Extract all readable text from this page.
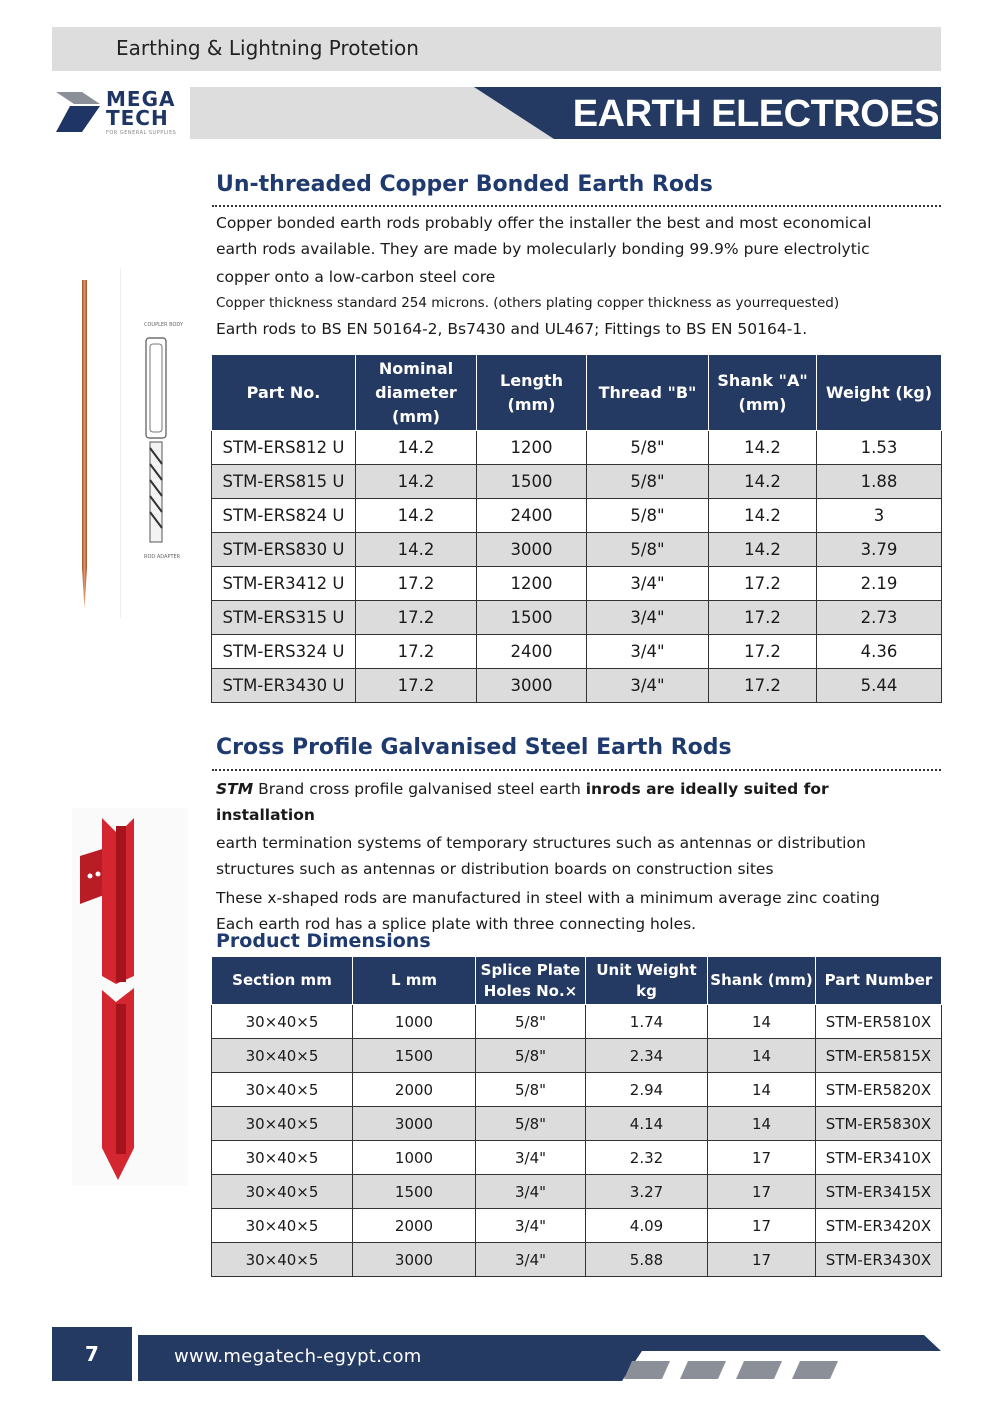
Earthing & Lightning Protetion
MEGA
TECH
FOR GENERAL SUPPLIES	EARTH ELECTROES
Un-threaded Copper Bonded Earth Rods

Copper bonded earth rods probably offer the installer the best and most economical

earth rods available. They are made by molecularly bonding 99.9% pure electrolytic

copper onto a low-carbon steel core

Copper thickness standard 254 microns. (others plating copper thickness as yourrequested)

Earth rods to BS EN 50164-2, Bs7430 and UL467; Fittings to BS EN 50164-1.

COUPLER BODY
ROD ADAPTER
Part No.	Nominal diameter (mm)	Length (mm)	Thread "B"	Shank "A" (mm)	Weight (kg)
STM-ERS812 U	14.2	1200	5/8"	14.2	1.53
STM-ERS815 U	14.2	1500	5/8"	14.2	1.88
STM-ERS824 U	14.2	2400	5/8"	14.2	3
STM-ERS830 U	14.2	3000	5/8"	14.2	3.79
STM-ER3412 U	17.2	1200	3/4"	17.2	2.19
STM-ERS315 U	17.2	1500	3/4"	17.2	2.73
STM-ERS324 U	17.2	2400	3/4"	17.2	4.36
STM-ER3430 U	17.2	3000	3/4"	17.2	5.44
Cross Profile Galvanised Steel Earth Rods

STM Brand cross profile galvanised steel earth inrods are ideally suited for installation

earth termination systems of temporary structures such as antennas or distribution

structures such as antennas or distribution boards on construction sites

These x-shaped rods are manufactured in steel with a minimum average zinc coating

Each earth rod has a splice plate with three connecting holes.

Product Dimensions
Section mm	L mm	Splice Plate Holes No.×	Unit Weight kg	Shank (mm)	Part Number
30×40×5	1000	5/8"	1.74	14	STM-ER5810X
30×40×5	1500	5/8"	2.34	14	STM-ER5815X
30×40×5	2000	5/8"	2.94	14	STM-ER5820X
30×40×5	3000	5/8"	4.14	14	STM-ER5830X
30×40×5	1000	3/4"	2.32	17	STM-ER3410X
30×40×5	1500	3/4"	3.27	17	STM-ER3415X
30×40×5	2000	3/4"	4.09	17	STM-ER3420X
30×40×5	3000	3/4"	5.88	17	STM-ER3430X
7	www.megatech-egypt.com
